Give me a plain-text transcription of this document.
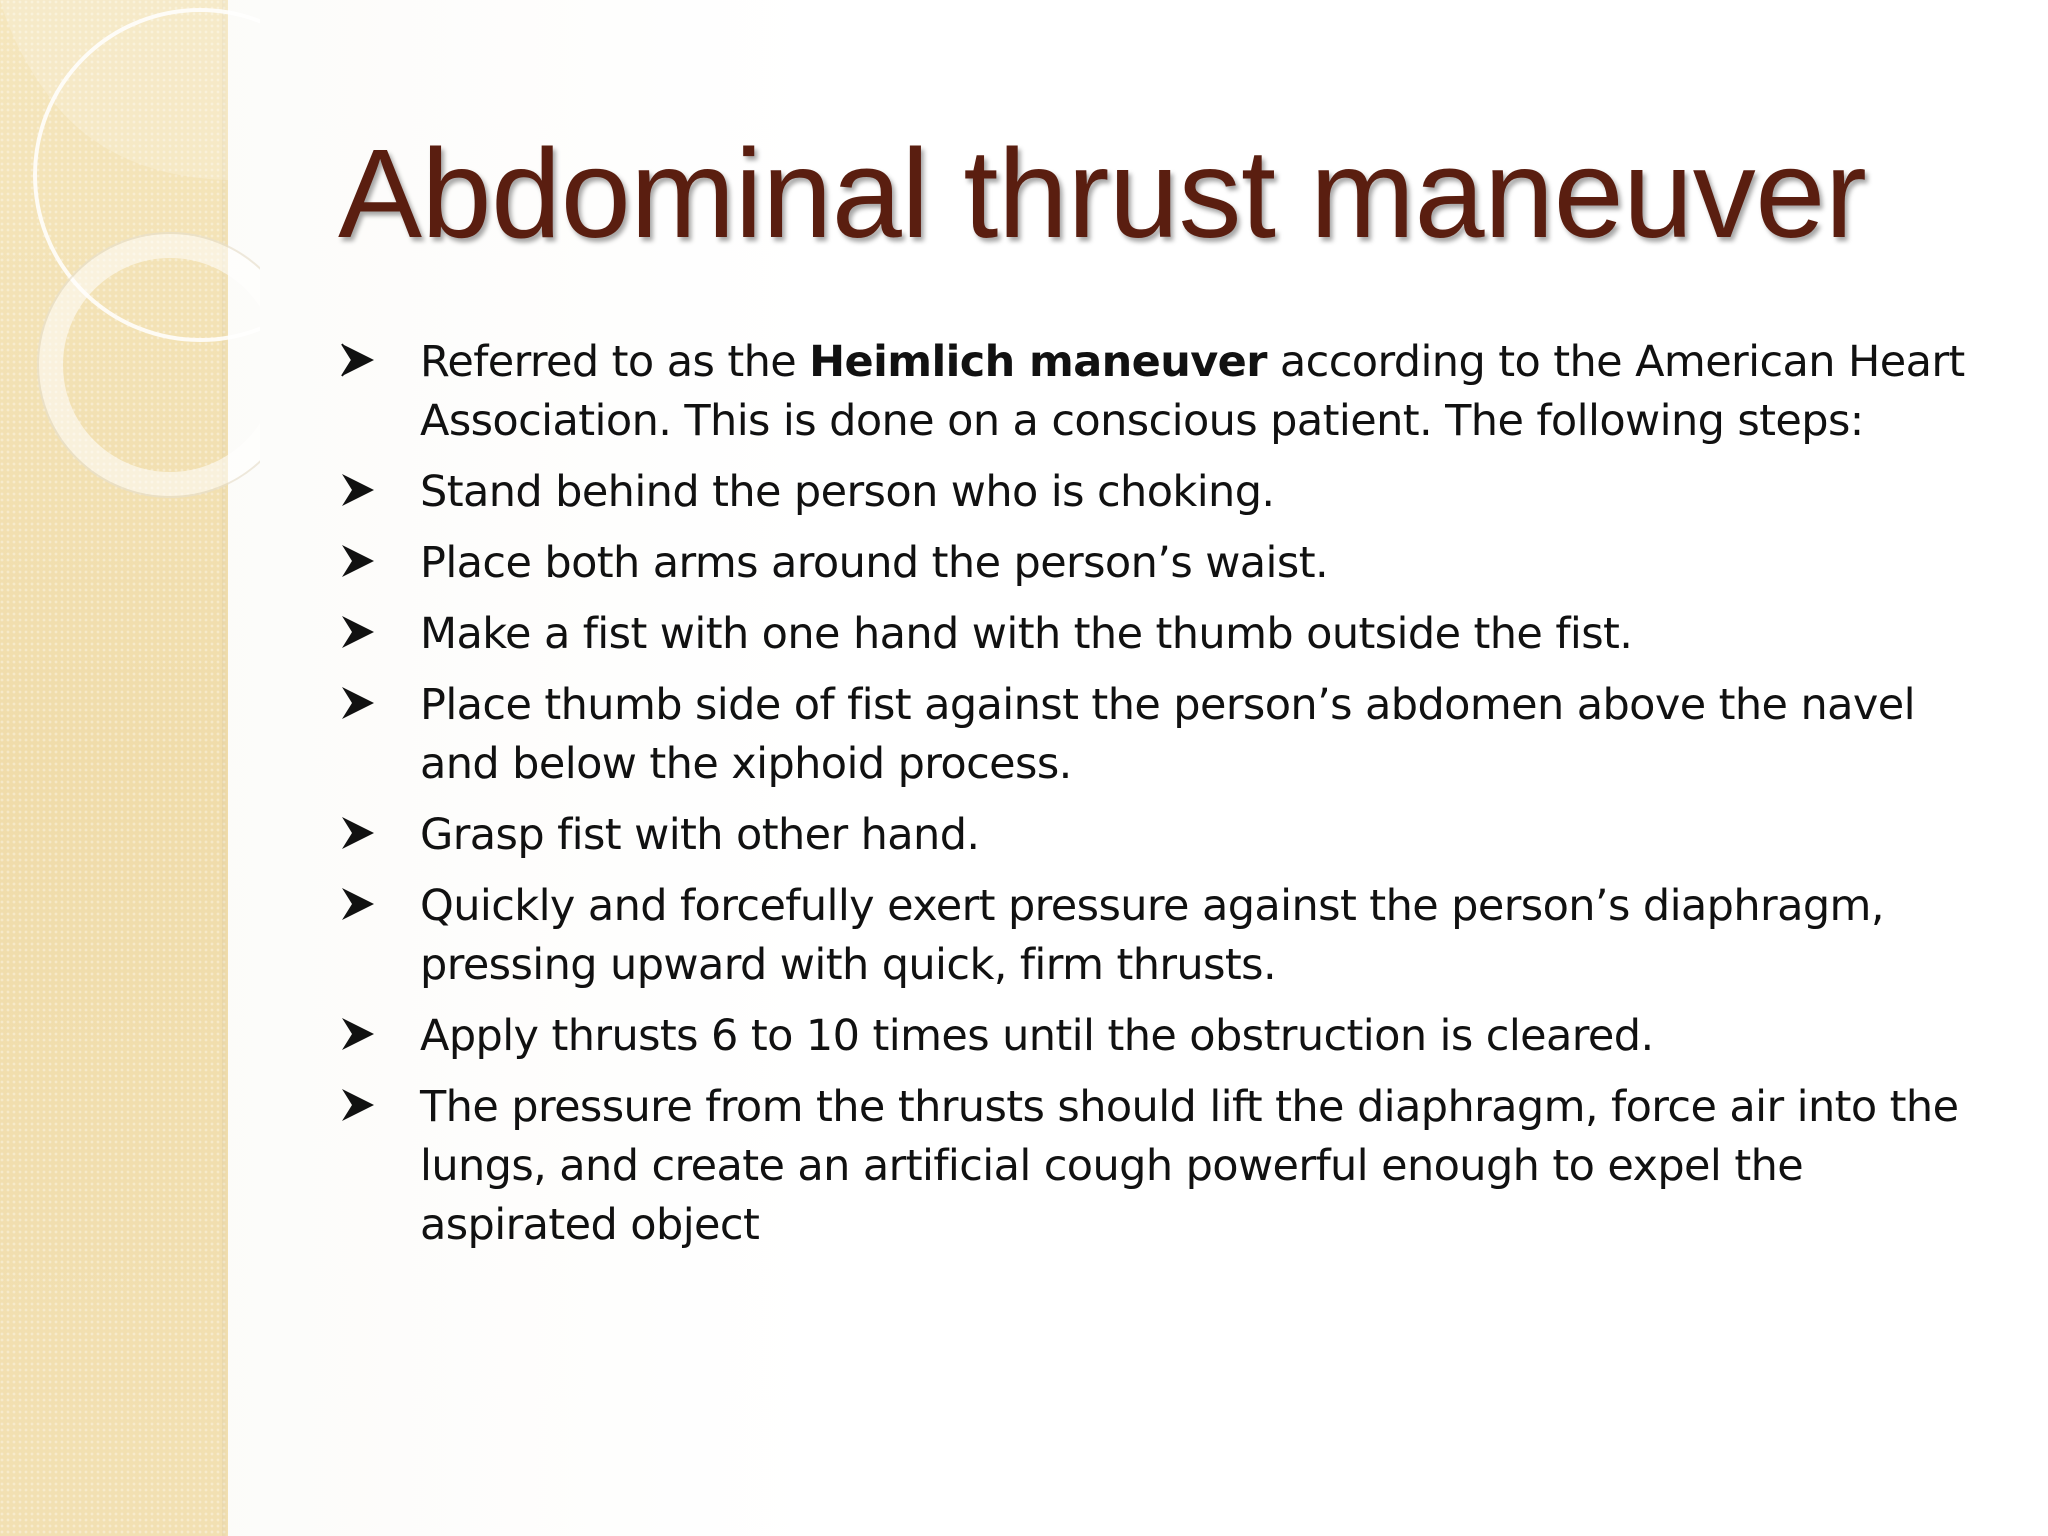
Abdominal thrust maneuver
Referred to as the Heimlich maneuver according to the American Heart Association. This is done on a conscious patient. The following steps:
Stand behind the person who is choking.
Place both arms around the person’s waist.
Make a fist with one hand with the thumb outside the fist.
Place thumb side of fist against the person’s abdomen above the navel and below the xiphoid process.
Grasp fist with other hand.
Quickly and forcefully exert pressure against the person’s diaphragm, pressing upward with quick, firm thrusts.
Apply thrusts 6 to 10 times until the obstruction is cleared.
The pressure from the thrusts should lift the diaphragm, force air into the lungs, and create an artificial cough powerful enough to expel the aspirated object
